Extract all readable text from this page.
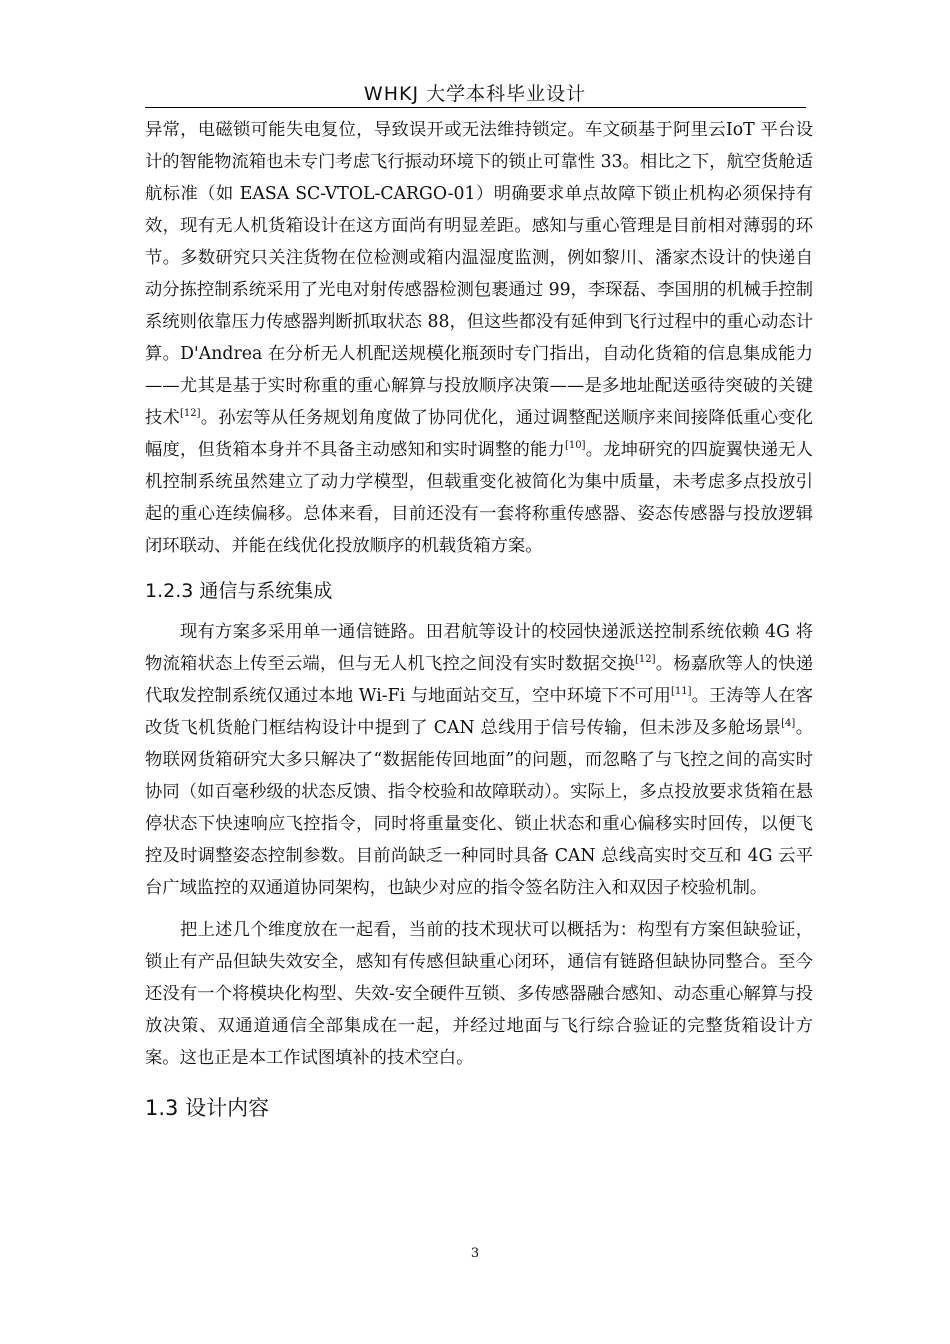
WHKJ 大学本科毕业设计

异常，电磁锁可能失电复位，导致误开或无法维持锁定。车文硕基于阿里云IoT 平台设计的智能物流箱也未专门考虑飞行振动环境下的锁止可靠性 33。相比之下，航空货舱适航标准（如 EASA SC-VTOL-CARGO-01）明确要求单点故障下锁止机构必须保持有效，现有无人机货箱设计在这方面尚有明显差距。感知与重心管理是目前相对薄弱的环节。多数研究只关注货物在位检测或箱内温湿度监测，例如黎川、潘家杰设计的快递自动分拣控制系统采用了光电对射传感器检测包裹通过 99，李琛磊、李国朋的机械手控制系统则依靠压力传感器判断抓取状态 88，但这些都没有延伸到飞行过程中的重心动态计算。D'Andrea 在分析无人机配送规模化瓶颈时专门指出，自动化货箱的信息集成能力——尤其是基于实时称重的重心解算与投放顺序决策——是多地址配送亟待突破的关键技术[12]。孙宏等从任务规划角度做了协同优化，通过调整配送顺序来间接降低重心变化幅度，但货箱本身并不具备主动感知和实时调整的能力[10]。龙坤研究的四旋翼快递无人机控制系统虽然建立了动力学模型，但载重变化被简化为集中质量，未考虑多点投放引起的重心连续偏移。总体来看，目前还没有一套将称重传感器、姿态传感器与投放逻辑闭环联动、并能在线优化投放顺序的机载货箱方案。

1.2.3 通信与系统集成

现有方案多采用单一通信链路。田君航等设计的校园快递派送控制系统依赖 4G 将物流箱状态上传至云端，但与无人机飞控之间没有实时数据交换[12]。杨嘉欣等人的快递代取发控制系统仅通过本地 Wi-Fi 与地面站交互，空中环境下不可用[11]。王涛等人在客改货飞机货舱门框结构设计中提到了 CAN 总线用于信号传输，但未涉及多舱场景[4]。物联网货箱研究大多只解决了“数据能传回地面”的问题，而忽略了与飞控之间的高实时协同（如百毫秒级的状态反馈、指令校验和故障联动）。实际上，多点投放要求货箱在悬停状态下快速响应飞控指令，同时将重量变化、锁止状态和重心偏移实时回传，以便飞控及时调整姿态控制参数。目前尚缺乏一种同时具备 CAN 总线高实时交互和 4G 云平台广域监控的双通道协同架构，也缺少对应的指令签名防注入和双因子校验机制。

把上述几个维度放在一起看，当前的技术现状可以概括为：构型有方案但缺验证，锁止有产品但缺失效安全，感知有传感但缺重心闭环，通信有链路但缺协同整合。至今还没有一个将模块化构型、失效-安全硬件互锁、多传感器融合感知、动态重心解算与投放决策、双通道通信全部集成在一起，并经过地面与飞行综合验证的完整货箱设计方案。这也正是本工作试图填补的技术空白。

1.3 设计内容
3
